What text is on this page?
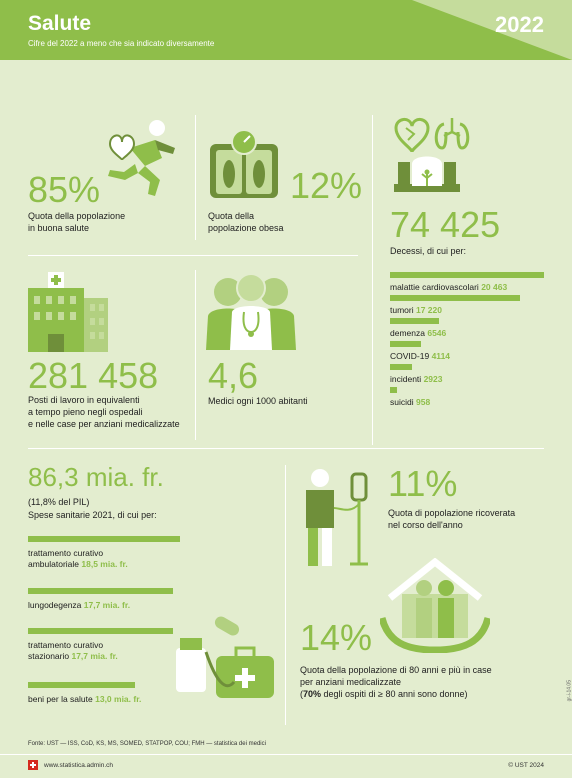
Salute
Cifre del 2022 a meno che sia indicato diversamente
2022
85%
Quota della popolazione
in buona salute
12%
Quota della
popolazione obesa	74 425
Decessi, di cui per:
malattie cardiovascolari 20 463
tumori 17 220
demenza 6546
COVID-19 4114
incidenti 2923
suicidi 958
281 458
Posti di lavoro in equivalenti
a tempo pieno negli ospedali
e nelle case per anziani medicalizzate
4,6
Medici ogni 1000 abitanti
86,3 mia. fr.
(11,8% del PIL)
Spese sanitarie 2021, di cui per:
trattamento curativo
ambulatoriale 18,5 mia. fr.
lungodegenza 17,7 mia. fr.
trattamento curativo
stazionario 17,7 mia. fr.
beni per la salute 13,0 mia. fr.
11%
Quota di popolazione ricoverata
nel corso dell'anno
14%
Quota della popolazione di 80 anni e più in case
per anziani medicalizzate
(70% degli ospiti di ≥ 80 anni sono donne)
Fonte: UST — ISS, CoD, KS, MS, SOMED, STATPOP, COU; FMH — statistica dei medici
gr-i-14.05
www.statistica.admin.ch	© UST 2024
